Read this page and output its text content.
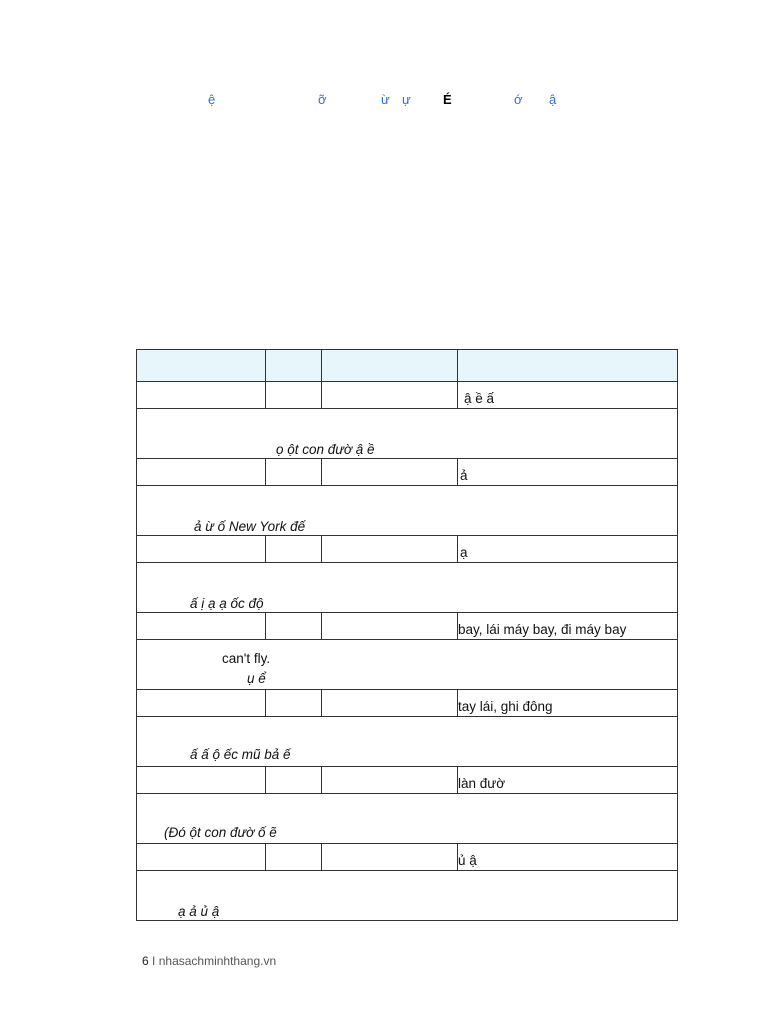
ệ	ỡ	ừ ự É	ớ ậ

			ậ ề ấ

ọ ột con đườ ậ ề			

			ả

ả ừ ố New York đế			

			ạ

ấ ị ạ ạ ốc độ			

			bay, lái máy bay, đi máy bay

can't fly.
ụ ể			

			tay lái, ghi đông

ấ ấ ộ ếc mũ bả ế			

			làn đườ

(Đó ột con đườ ố ẽ			

			ủ ậ

ạ ả ủ ậ			
6 I nhasachminhthang.vn
